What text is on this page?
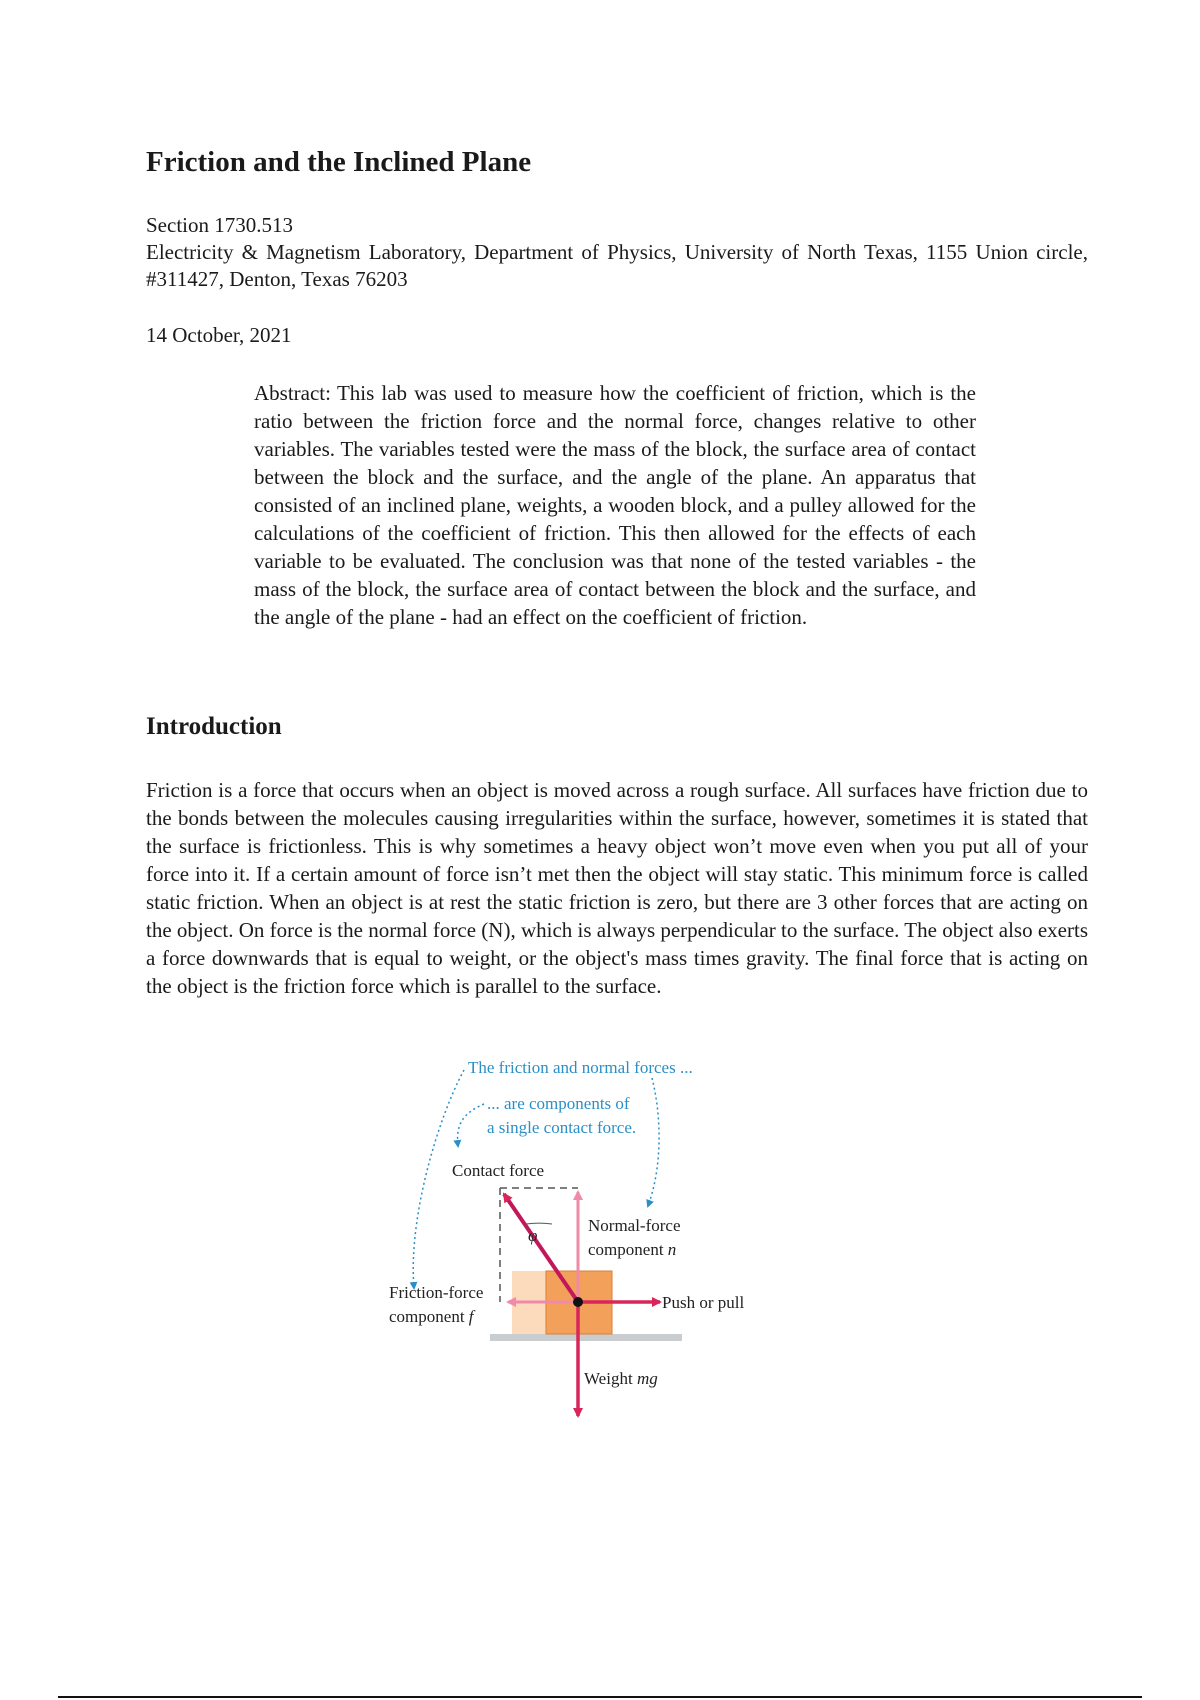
Friction and the Inclined Plane
Section 1730.513
Electricity & Magnetism Laboratory, Department of Physics, University of North Texas, 1155 Union circle, #311427, Denton, Texas 76203
14 October, 2021
Abstract: This lab was used to measure how the coefficient of friction, which is the ratio between the friction force and the normal force, changes relative to other variables. The variables tested were the mass of the block, the surface area of contact between the block and the surface, and the angle of the plane. An apparatus that consisted of an inclined plane, weights, a wooden block, and a pulley allowed for the calculations of the coefficient of friction. This then allowed for the effects of each variable to be evaluated. The conclusion was that none of the tested variables - the mass of the block, the surface area of contact between the block and the surface, and the angle of the plane - had an effect on the coefficient of friction.
Introduction

Friction is a force that occurs when an object is moved across a rough surface. All surfaces have friction due to the bonds between the molecules causing irregularities within the surface, however, sometimes it is stated that the surface is frictionless. This is why sometimes a heavy object won’t move even when you put all of your force into it. If a certain amount of force isn’t met then the object will stay static. This minimum force is called static friction. When an object is at rest the static friction is zero, but there are 3 other forces that are acting on the object. On force is the normal force (N), which is always perpendicular to the surface. The object also exerts a force downwards that is equal to weight, or the object's mass times gravity. The final force that is acting on the object is the friction force which is parallel to the surface.

The friction and normal forces ...
... are components of
a single contact force.
Contact force
φ
Normal-force
component n
Friction-force
component f
Push or pull
Weight mg
